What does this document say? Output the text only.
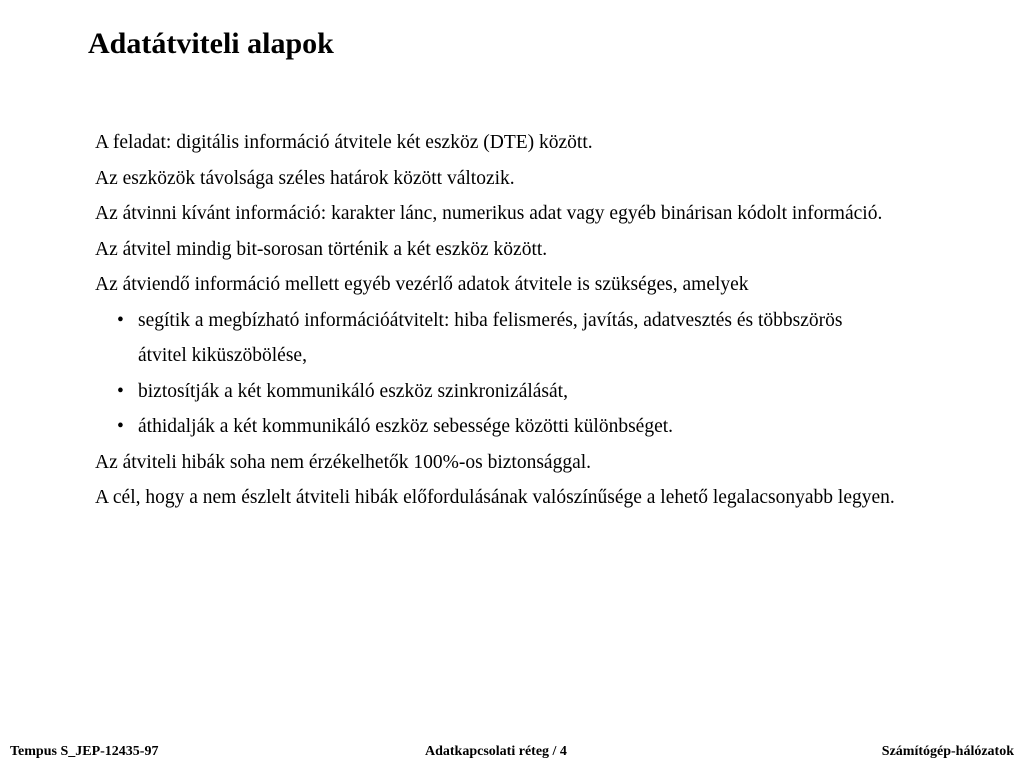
Adatátviteli alapok

A feladat: digitális információ átvitele két eszköz (DTE) között.

Az eszközök távolsága széles határok között változik.

Az átvinni kívánt információ: karakter lánc, numerikus adat vagy egyéb binárisan kódolt információ.

Az átvitel mindig bit-sorosan történik a két eszköz között.

Az átviendő információ mellett egyéb vezérlő adatok átvitele is szükséges, amelyek

• segítik a megbízható információátvitelt: hiba felismerés, javítás, adatvesztés és többszörös átvitel kiküszöbölése,
• biztosítják a két kommunikáló eszköz szinkronizálását,
• áthidalják a két kommunikáló eszköz sebessége közötti különbséget.

Az átviteli hibák soha nem érzékelhetők 100%-os biztonsággal.

A cél, hogy a nem észlelt átviteli hibák előfordulásának valószínűsége a lehető legalacsonyabb legyen.

Tempus S_JEP-12435-97	Adatkapcsolati réteg / 4	Számítógép-hálózatok
